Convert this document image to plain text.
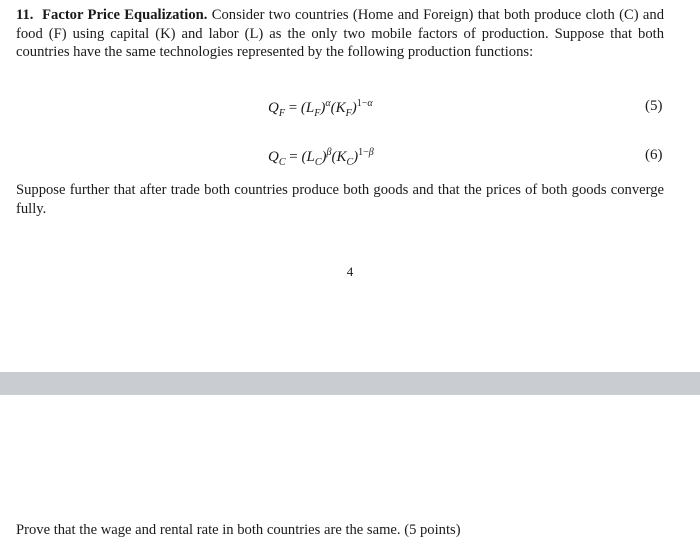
11. Factor Price Equalization. Consider two countries (Home and Foreign) that both produce cloth (C) and food (F) using capital (K) and labor (L) as the only two mobile factors of production. Suppose that both countries have the same technologies represented by the following production functions:
$Q_F = (L_F)^\alpha(K_F)^{1-\alpha}$	(5)
$Q_C = (L_C)^\beta(K_C)^{1-\beta}$	(6)
Suppose further that after trade both countries produce both goods and that the prices of both goods converge fully.
4
Prove that the wage and rental rate in both countries are the same. (5 points)
